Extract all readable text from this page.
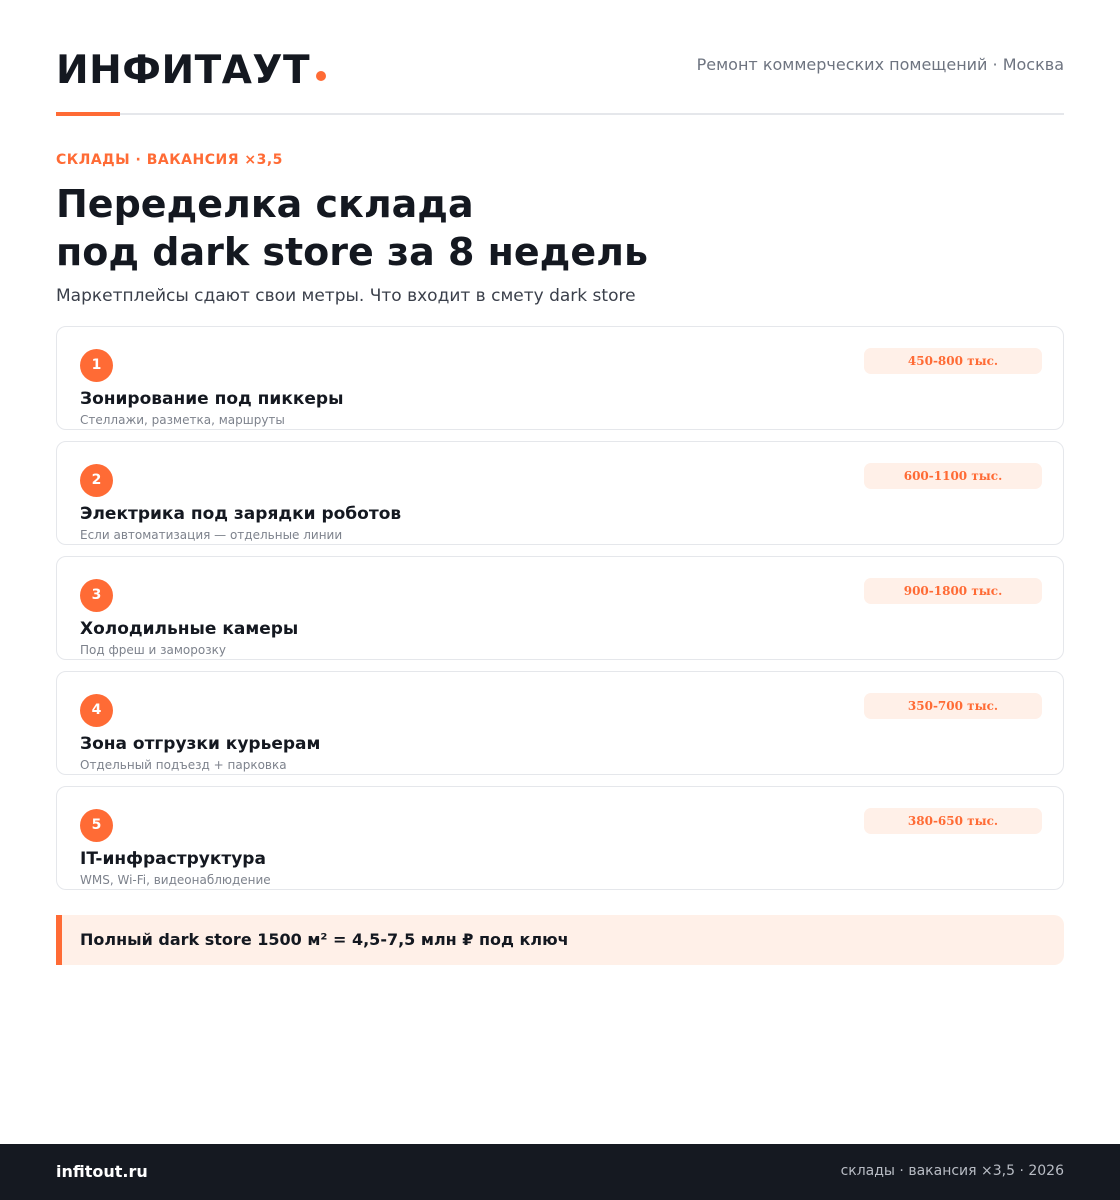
ИНФИТАУТ	Ремонт коммерческих помещений · Москва
СКЛАДЫ · ВАКАНСИЯ ×3,5
Переделка склада
под dark store за 8 недель
Маркетплейсы сдают свои метры. Что входит в смету dark store
1	450-800 тыс.
Зонирование под пиккеры
Стеллажи, разметка, маршруты
2	600-1100 тыс.
Электрика под зарядки роботов
Если автоматизация — отдельные линии
3	900-1800 тыс.
Холодильные камеры
Под фреш и заморозку
4	350-700 тыс.
Зона отгрузки курьерам
Отдельный подъезд + парковка
5	380-650 тыс.
IT-инфраструктура
WMS, Wi-Fi, видеонаблюдение
Полный dark store 1500 м² = 4,5-7,5 млн ₽ под ключ
infitout.ru	склады · вакансия ×3,5 · 2026
